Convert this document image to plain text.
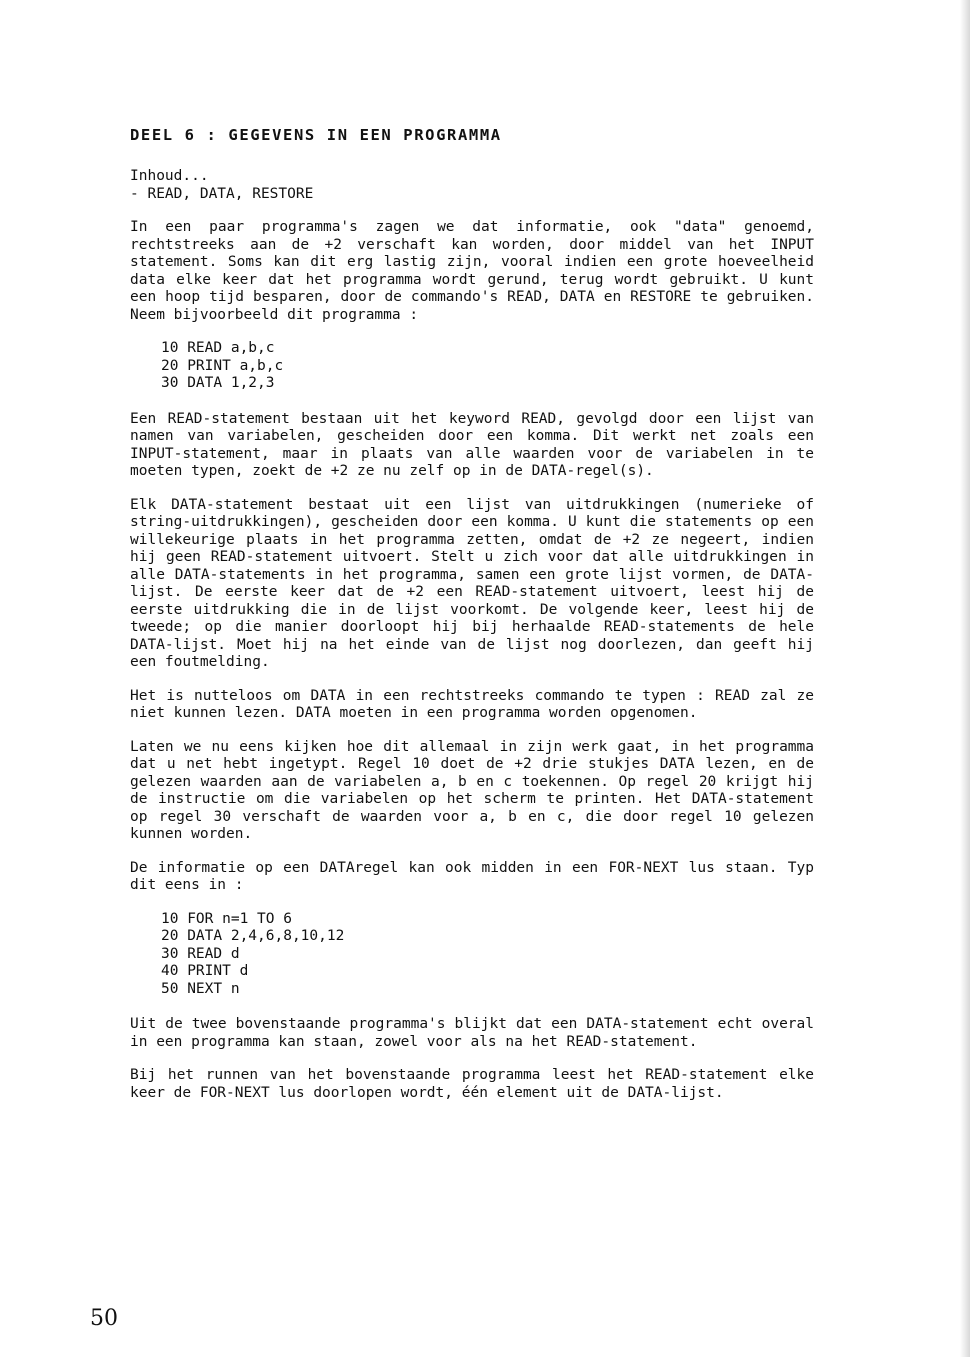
DEEL 6 : GEGEVENS IN EEN PROGRAMMA

Inhoud...

- READ, DATA, RESTORE

In een paar programma's zagen we dat informatie, ook "data" genoemd, rechtstreeks aan de +2 verschaft kan worden, door middel van het INPUT statement. Soms kan dit erg lastig zijn, vooral indien een grote hoeveelheid data elke keer dat het programma wordt gerund, terug wordt gebruikt. U kunt een hoop tijd besparen, door de commando's READ, DATA en RESTORE te gebruiken. Neem bijvoorbeeld dit programma :

10 READ a,b,c
20 PRINT a,b,c
30 DATA 1,2,3

Een READ-statement bestaan uit het keyword READ, gevolgd door een lijst van namen van variabelen, gescheiden door een komma. Dit werkt net zoals een INPUT-statement, maar in plaats van alle waarden voor de variabelen in te moeten typen, zoekt de +2 ze nu zelf op in de DATA-regel(s).

Elk DATA-statement bestaat uit een lijst van uitdrukkingen (numerieke of string-uitdrukkingen), gescheiden door een komma. U kunt die statements op een willekeurige plaats in het programma zetten, omdat de +2 ze negeert, indien hij geen READ-statement uitvoert. Stelt u zich voor dat alle uitdrukkingen in alle DATA-statements in het programma, samen een grote lijst vormen, de DATA-lijst. De eerste keer dat de +2 een READ-statement uitvoert, leest hij de eerste uitdrukking die in de lijst voorkomt. De volgende keer, leest hij de tweede; op die manier doorloopt hij bij herhaalde READ-statements de hele DATA-lijst. Moet hij na het einde van de lijst nog doorlezen, dan geeft hij een foutmelding.

Het is nutteloos om DATA in een rechtstreeks commando te typen : READ zal ze niet kunnen lezen. DATA moeten in een programma worden opgenomen.

Laten we nu eens kijken hoe dit allemaal in zijn werk gaat, in het programma dat u net hebt ingetypt. Regel 10 doet de +2 drie stukjes DATA lezen, en de gelezen waarden aan de variabelen a, b en c toekennen. Op regel 20 krijgt hij de instructie om die variabelen op het scherm te printen. Het DATA-statement op regel 30 verschaft de waarden voor a, b en c, die door regel 10 gelezen kunnen worden.

De informatie op een DATAregel kan ook midden in een FOR-NEXT lus staan. Typ dit eens in :

10 FOR n=1 TO 6
20 DATA 2,4,6,8,10,12
30 READ d
40 PRINT d
50 NEXT n

Uit de twee bovenstaande programma's blijkt dat een DATA-statement echt overal in een programma kan staan, zowel voor als na het READ-statement.

Bij het runnen van het bovenstaande programma leest het READ-statement elke keer de FOR-NEXT lus doorlopen wordt, één element uit de DATA-lijst.

50
